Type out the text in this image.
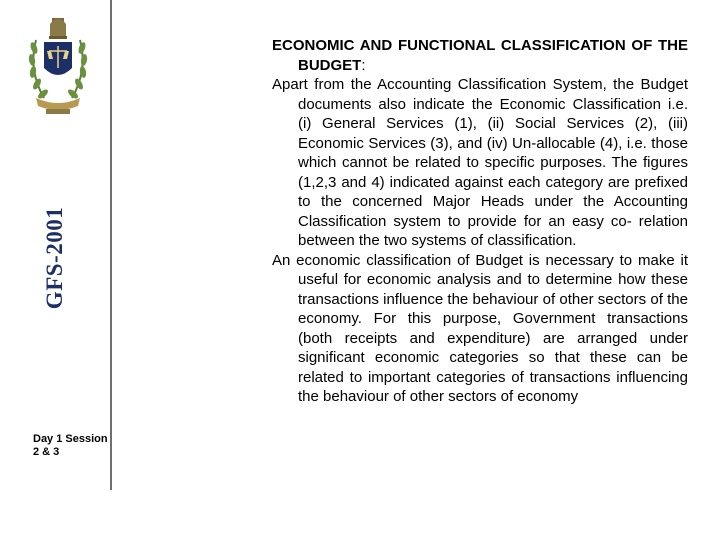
GFS-2001
Day 1 Session 2 & 3
ECONOMIC AND FUNCTIONAL CLASSIFICATION OF THE BUDGET:
Apart from the Accounting Classification System, the Budget documents also indicate the Economic Classification i.e. (i) General Services (1), (ii) Social Services (2), (iii) Economic Services (3), and (iv) Un-allocable (4), i.e. those which cannot be related to specific purposes. The figures (1,2,3 and 4) indicated against each category are prefixed to the concerned Major Heads under the Accounting Classification system to provide for an easy co- relation between the two systems of classification.
An economic classification of Budget is necessary to make it useful for economic analysis and to determine how these transactions influence the behaviour of other sectors of the economy. For this purpose, Government transactions (both receipts and expenditure) are arranged under significant economic categories so that these can be related to important categories of transactions influencing the behaviour of other sectors of economy
